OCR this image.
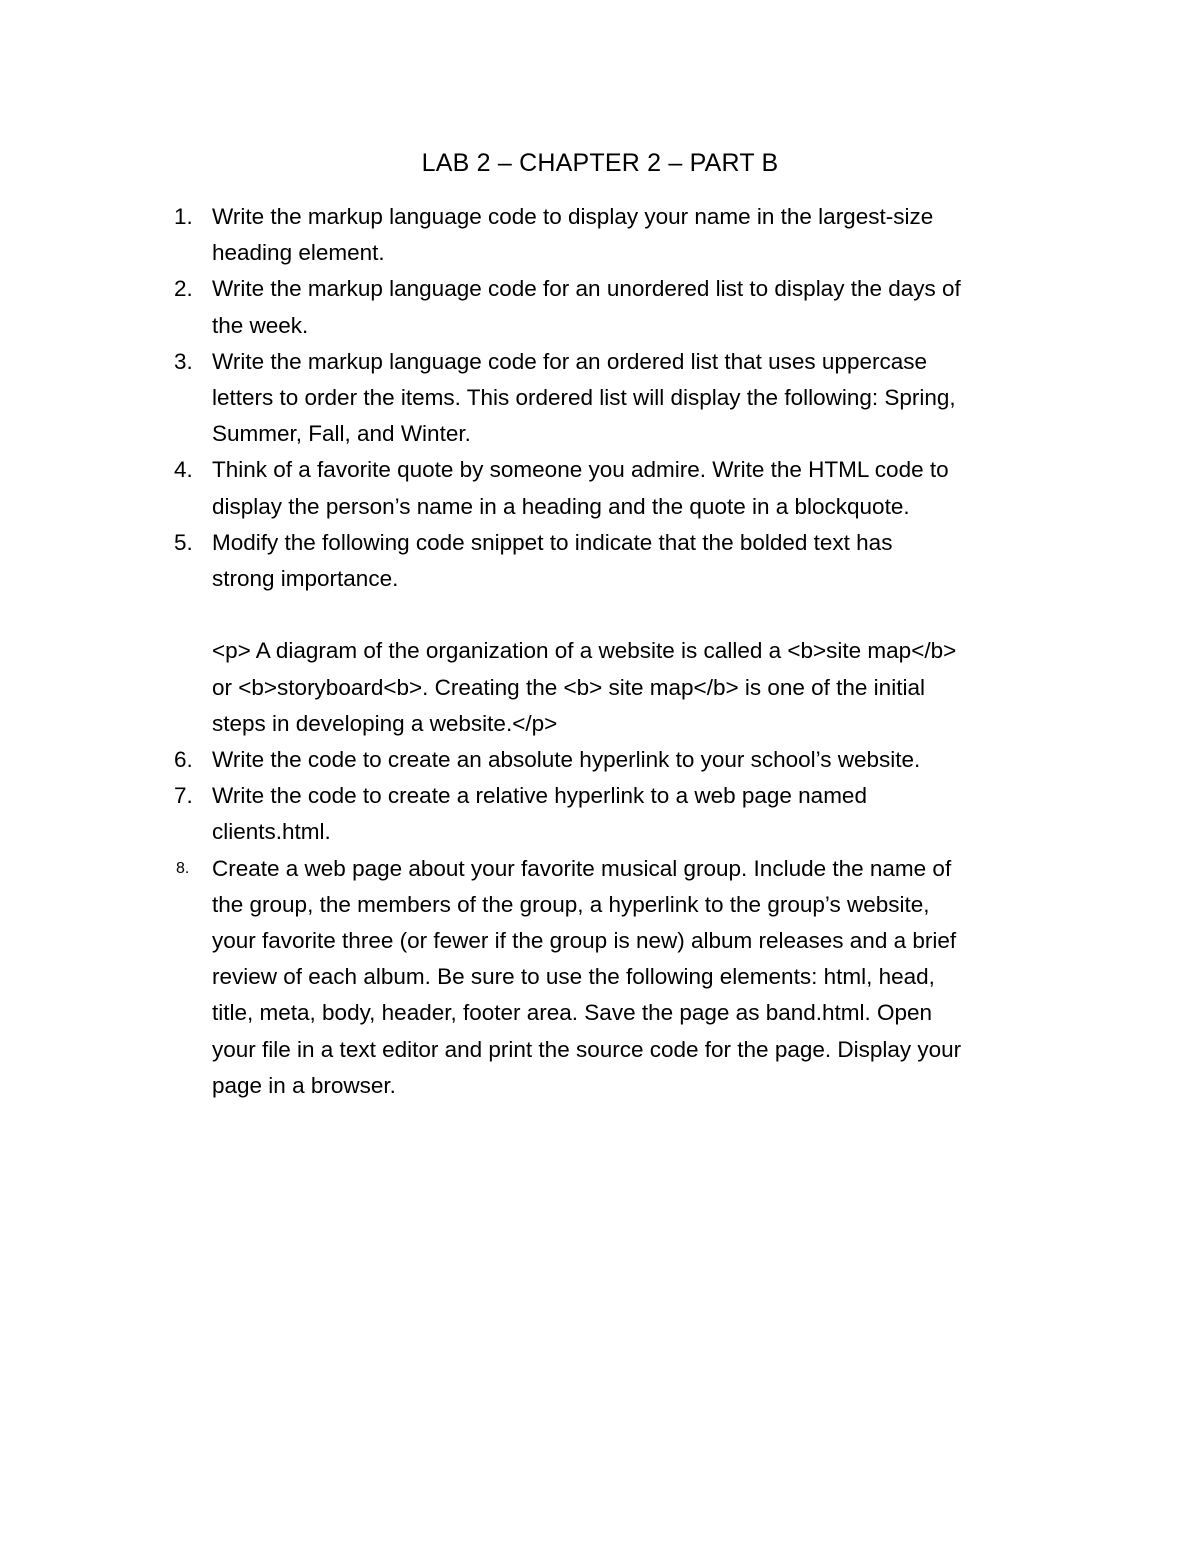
LAB 2 – CHAPTER 2 – PART B
1. Write the markup language code to display your name in the largest-size
heading element.
2. Write the markup language code for an unordered list to display the days of
the week.
3. Write the markup language code for an ordered list that uses uppercase
letters to order the items. This ordered list will display the following: Spring,
Summer, Fall, and Winter.
4. Think of a favorite quote by someone you admire. Write the HTML code to
display the person’s name in a heading and the quote in a blockquote.
5. Modify the following code snippet to indicate that the bolded text has
strong importance.
<p> A diagram of the organization of a website is called a <b>site map</b>
or <b>storyboard<b>. Creating the <b> site map</b> is one of the initial
steps in developing a website.</p>
6. Write the code to create an absolute hyperlink to your school’s website.
7. Write the code to create a relative hyperlink to a web page named
clients.html.
8. Create a web page about your favorite musical group. Include the name of
the group, the members of the group, a hyperlink to the group’s website,
your favorite three (or fewer if the group is new) album releases and a brief
review of each album. Be sure to use the following elements: html, head,
title, meta, body, header, footer area. Save the page as band.html. Open
your file in a text editor and print the source code for the page. Display your
page in a browser.
